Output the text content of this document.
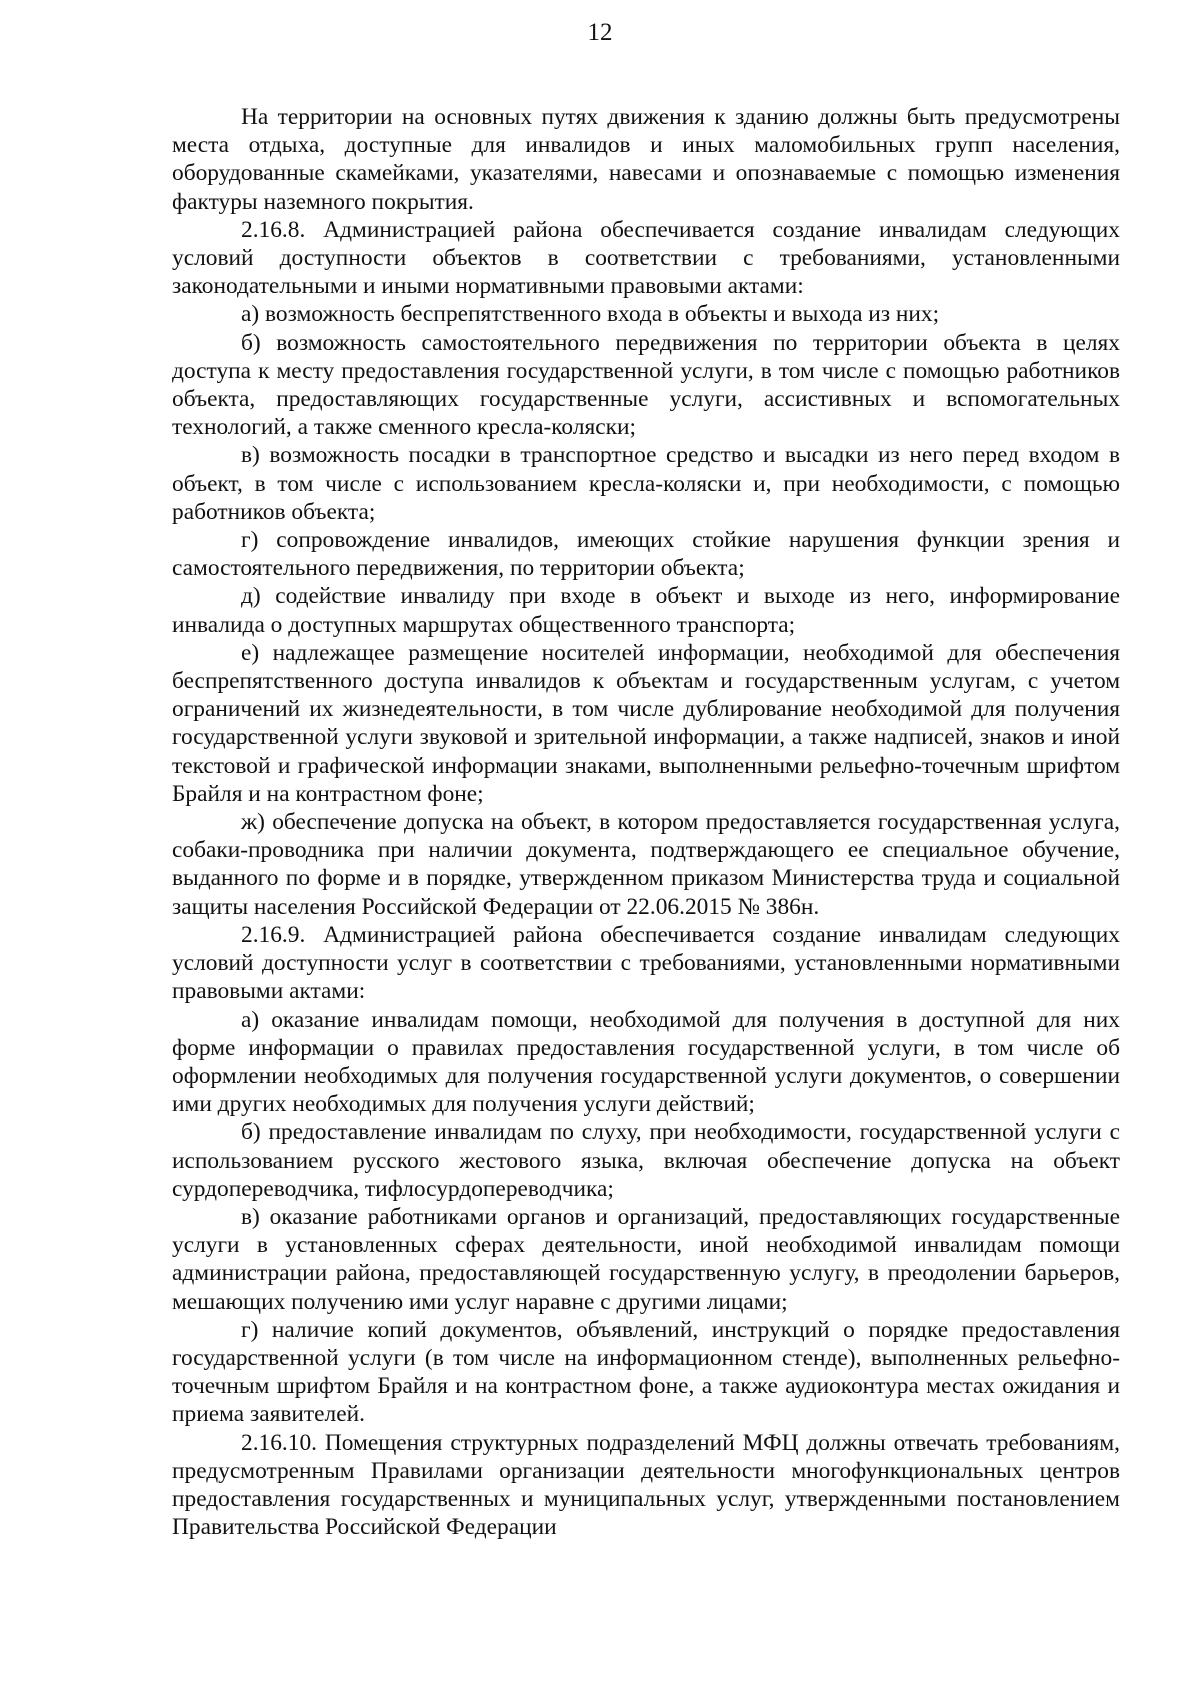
12

На территории на основных путях движения к зданию должны быть предусмотрены места отдыха, доступные для инвалидов и иных маломобильных групп населения, оборудованные скамейками, указателями, навесами и опознаваемые с помощью изменения фактуры наземного покрытия.

2.16.8. Администрацией района обеспечивается создание инвалидам следующих условий доступности объектов в соответствии с требованиями, установленными законодательными и иными нормативными правовыми актами:

а) возможность беспрепятственного входа в объекты и выхода из них;

б) возможность самостоятельного передвижения по территории объекта в целях доступа к месту предоставления государственной услуги, в том числе с помощью работников объекта, предоставляющих государственные услуги, ассистивных и вспомогательных технологий, а также сменного кресла-коляски;

в) возможность посадки в транспортное средство и высадки из него перед входом в объект, в том числе с использованием кресла-коляски и, при необходимости, с помощью работников объекта;

г) сопровождение инвалидов, имеющих стойкие нарушения функции зрения и самостоятельного передвижения, по территории объекта;

д) содействие инвалиду при входе в объект и выходе из него, информирование инвалида о доступных маршрутах общественного транспорта;

е) надлежащее размещение носителей информации, необходимой для обеспечения беспрепятственного доступа инвалидов к объектам и государственным услугам, с учетом ограничений их жизнедеятельности, в том числе дублирование необходимой для получения государственной услуги звуковой и зрительной информации, а также надписей, знаков и иной текстовой и графической информации знаками, выполненными рельефно-точечным шрифтом Брайля и на контрастном фоне;

ж) обеспечение допуска на объект, в котором предоставляется государственная услуга, собаки-проводника при наличии документа, подтверждающего ее специальное обучение, выданного по форме и в порядке, утвержденном приказом Министерства труда и социальной защиты населения Российской Федерации от 22.06.2015 № 386н.

2.16.9. Администрацией района обеспечивается создание инвалидам следующих условий доступности услуг в соответствии с требованиями, установленными нормативными правовыми актами:

а) оказание инвалидам помощи, необходимой для получения в доступной для них форме информации о правилах предоставления государственной услуги, в том числе об оформлении необходимых для получения государственной услуги документов, о совершении ими других необходимых для получения услуги действий;

б) предоставление инвалидам по слуху, при необходимости, государственной услуги с использованием русского жестового языка, включая обеспечение допуска на объект сурдопереводчика, тифлосурдопереводчика;

в) оказание работниками органов и организаций, предоставляющих государственные услуги в установленных сферах деятельности, иной необходимой инвалидам помощи администрации района, предоставляющей государственную услугу, в преодолении барьеров, мешающих получению ими услуг наравне с другими лицами;

г) наличие копий документов, объявлений, инструкций о порядке предоставления государственной услуги (в том числе на информационном стенде), выполненных рельефно-точечным шрифтом Брайля и на контрастном фоне, а также аудиоконтура местах ожидания и приема заявителей.

2.16.10. Помещения структурных подразделений МФЦ должны отвечать требованиям, предусмотренным Правилами организации деятельности многофункциональных центров предоставления государственных и муниципальных услуг, утвержденными постановлением Правительства Российской Федерации
